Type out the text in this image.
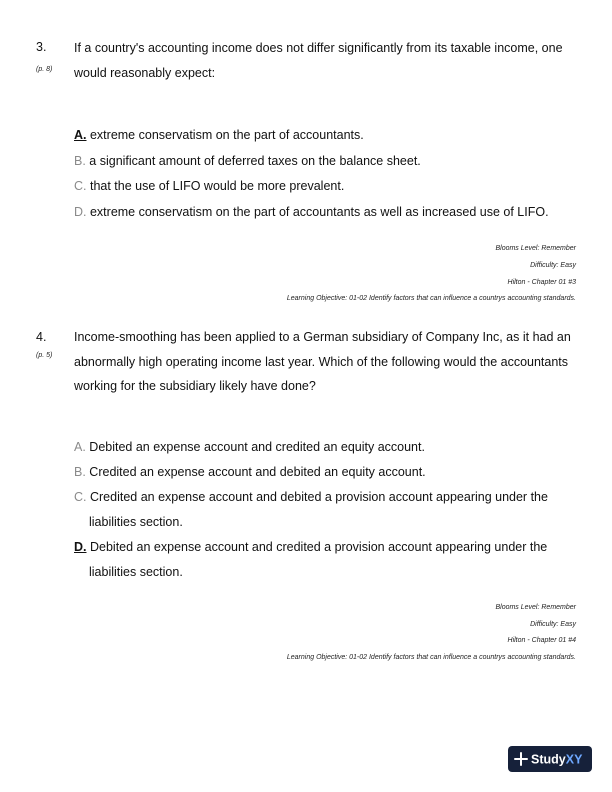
3.
(p. 8)
If a country's accounting income does not differ significantly from its taxable income, one
would reasonably expect:
A. extreme conservatism on the part of accountants.
B. a significant amount of deferred taxes on the balance sheet.
C. that the use of LIFO would be more prevalent.
D. extreme conservatism on the part of accountants as well as increased use of LIFO.
Blooms Level: Remember
Difficulty: Easy
Hilton - Chapter 01 #3
Learning Objective: 01-02 Identify factors that can influence a countrys accounting standards.
4.
(p. 5)
Income-smoothing has been applied to a German subsidiary of Company Inc, as it had an
abnormally high operating income last year. Which of the following would the accountants
working for the subsidiary likely have done?
A. Debited an expense account and credited an equity account.
B. Credited an expense account and debited an equity account.
C. Credited an expense account and debited a provision account appearing under the
liabilities section.
D. Debited an expense account and credited a provision account appearing under the
liabilities section.
Blooms Level: Remember
Difficulty: Easy
Hilton - Chapter 01 #4
Learning Objective: 01-02 Identify factors that can influence a countrys accounting standards.
StudyXY
